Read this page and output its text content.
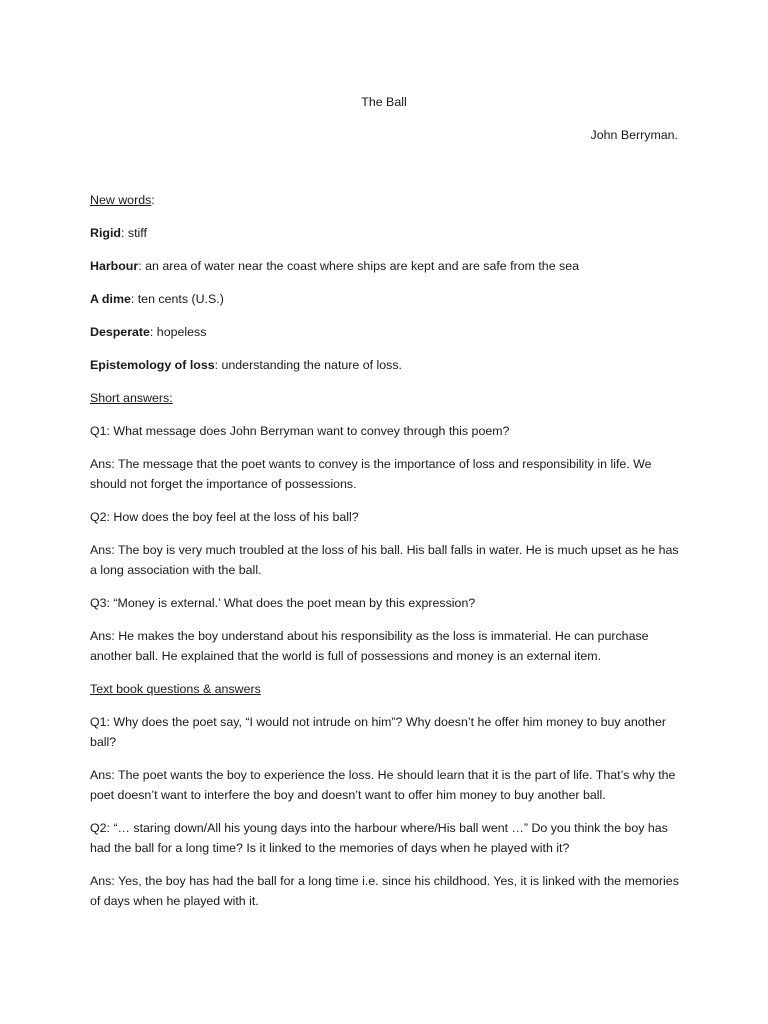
The Ball
John Berryman.

New words:

Rigid: stiff

Harbour: an area of water near the coast where ships are kept and are safe from the sea

A dime: ten cents (U.S.)

Desperate: hopeless

Epistemology of loss: understanding the nature of loss.

Short answers:

Q1: What message does John Berryman want to convey through this poem?

Ans: The message that the poet wants to convey is the importance of loss and responsibility in life. We should not forget the importance of possessions.

Q2: How does the boy feel at the loss of his ball?

Ans: The boy is very much troubled at the loss of his ball. His ball falls in water. He is much upset as he has a long association with the ball.

Q3: “Money is external.’ What does the poet mean by this expression?

Ans: He makes the boy understand about his responsibility as the loss is immaterial. He can purchase another ball. He explained that the world is full of possessions and money is an external item.

Text book questions & answers

Q1: Why does the poet say, “I would not intrude on him”? Why doesn’t he offer him money to buy another ball?

Ans: The poet wants the boy to experience the loss. He should learn that it is the part of life. That’s why the poet doesn’t want to interfere the boy and doesn’t want to offer him money to buy another ball.

Q2: “… staring down/All his young days into the harbour where/His ball went …” Do you think the boy has had the ball for a long time? Is it linked to the memories of days when he played with it?

Ans: Yes, the boy has had the ball for a long time i.e. since his childhood. Yes, it is linked with the memories of days when he played with it.
